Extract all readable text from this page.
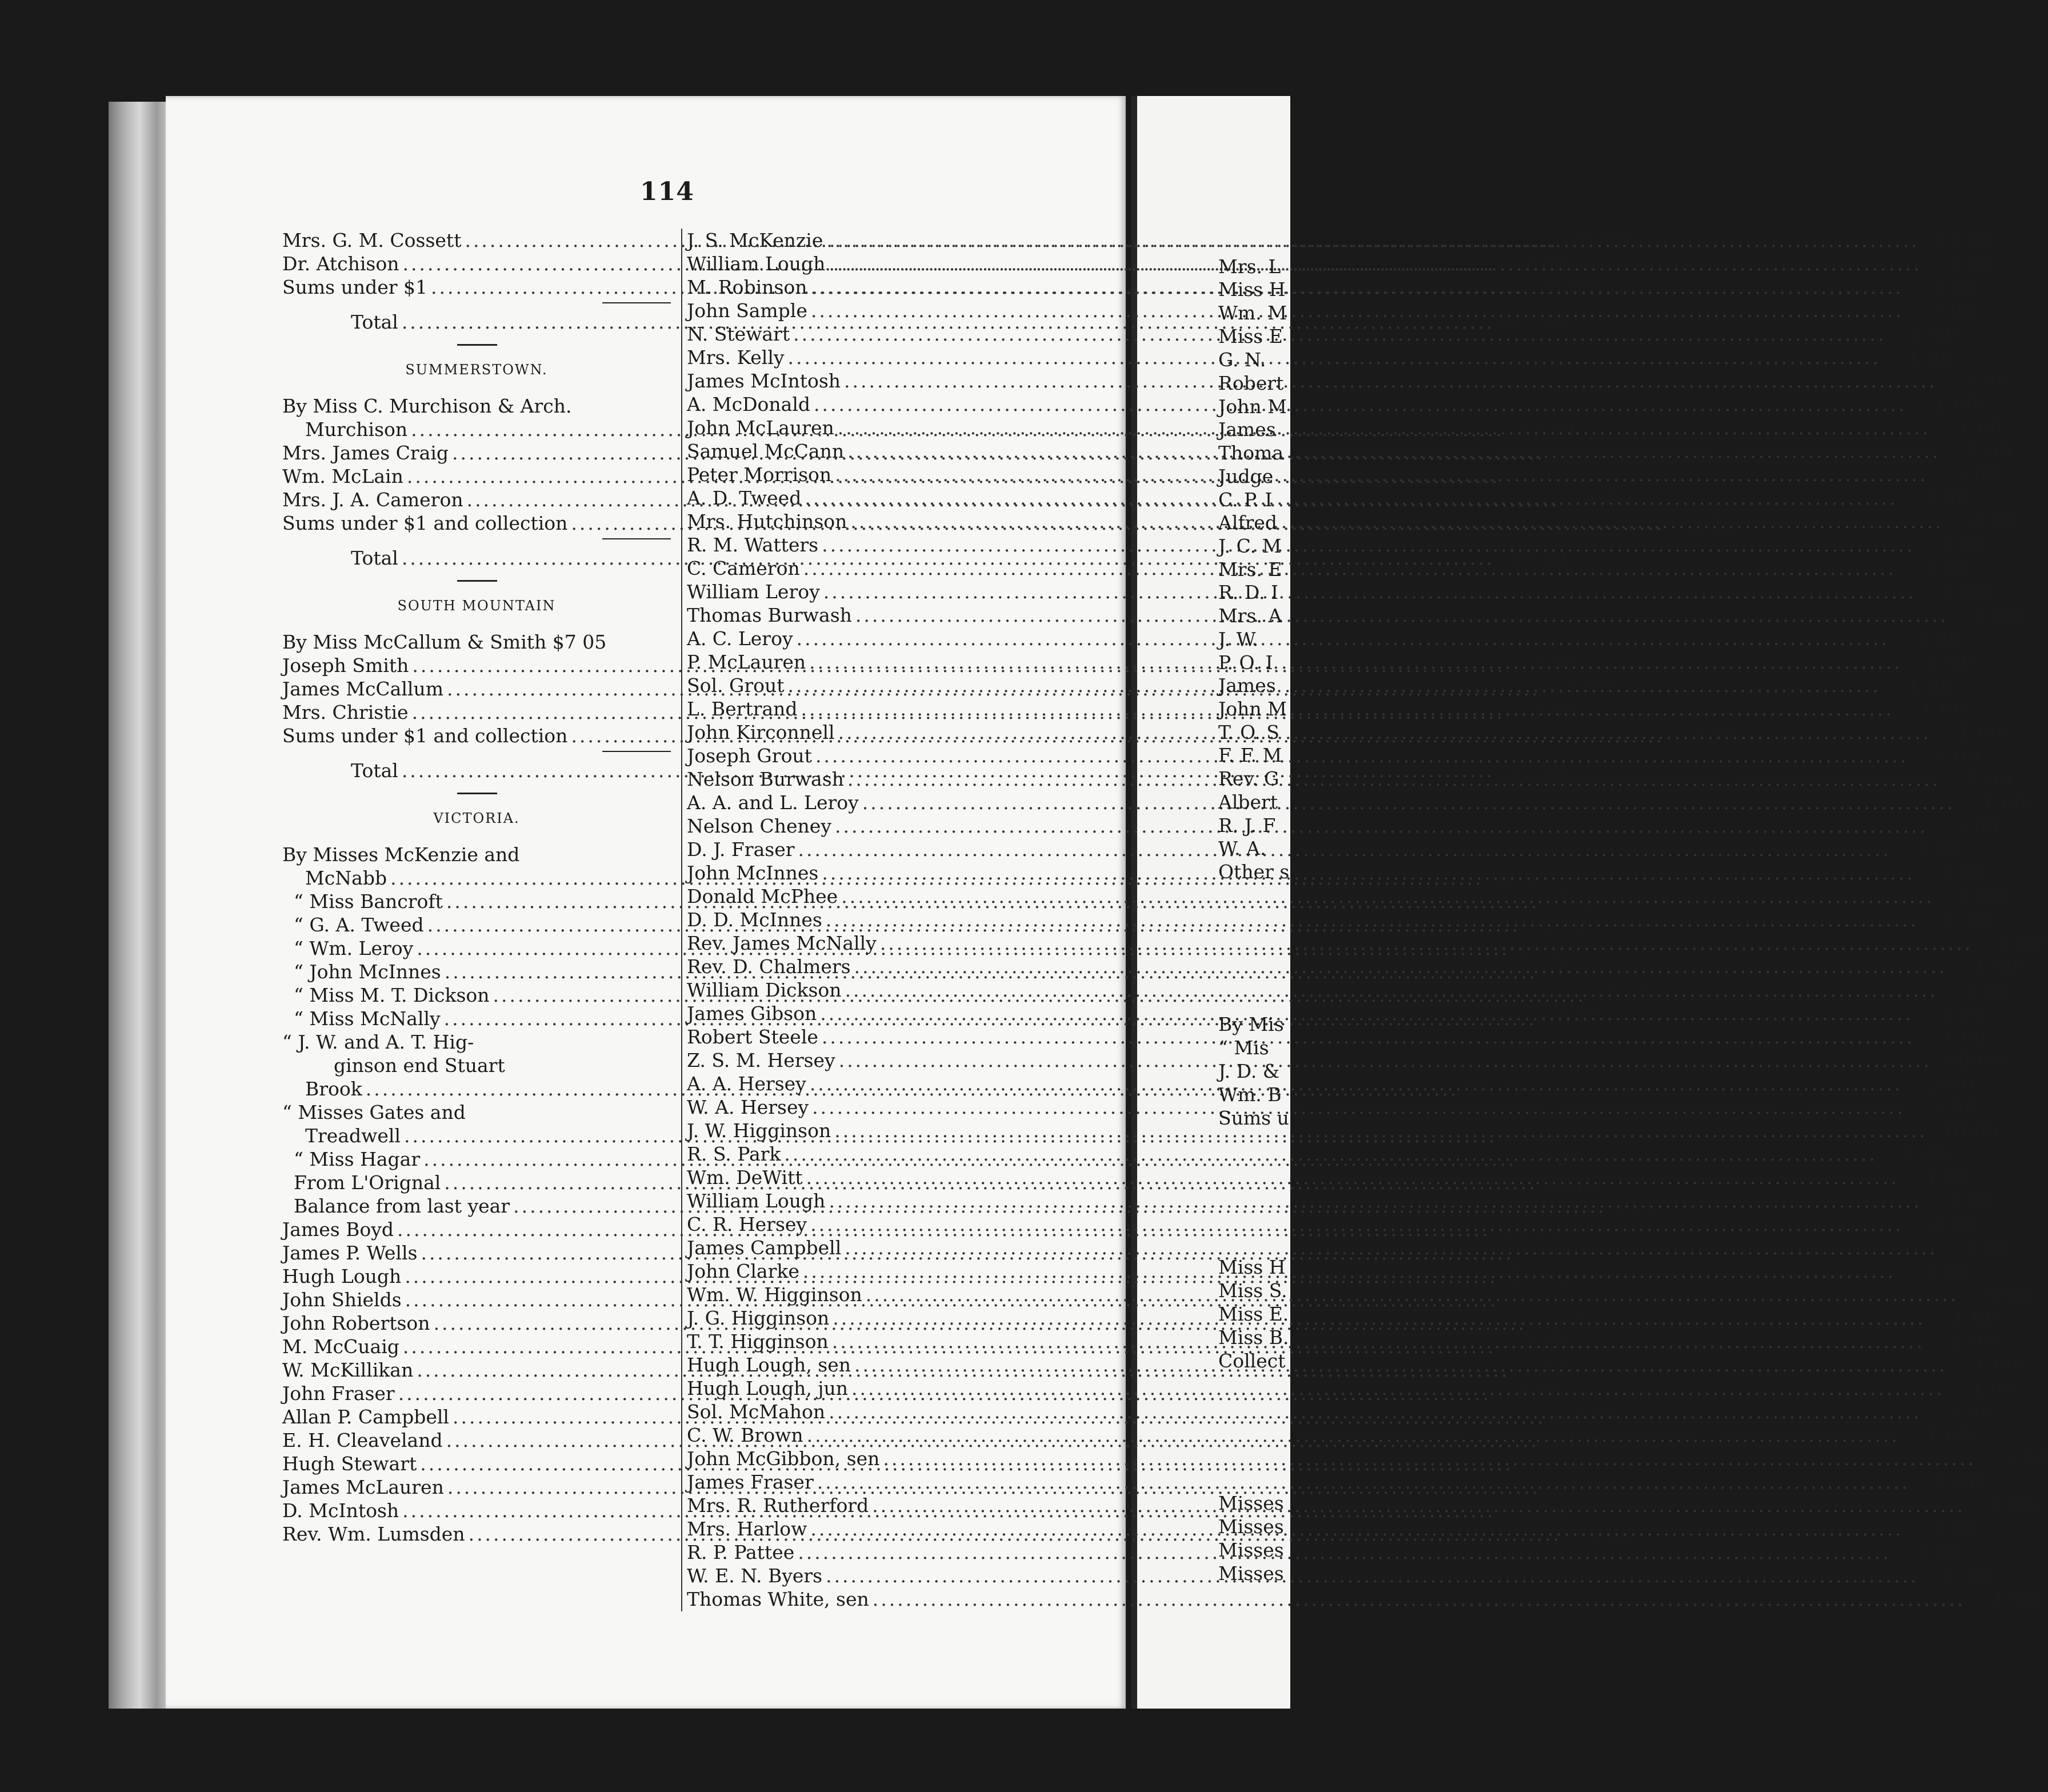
114
Mrs. G. M. Cossett .....	$1 00
Dr. Atchison .....	1 00
Sums under $1 .....	28 00
Total .....	$47 00
SUMMERSTOWN.
By Miss C. Murchison & Arch.
Murchison .....	$1 20
Mrs. James Craig .....	1 00
Wm. McLain .....	1 00
Mrs. J. A. Cameron .....	1 00
Sums under $1 and collection .....	5 40
Total .....	$9 40
SOUTH MOUNTAIN
By Miss McCallum & Smith $7 05
Joseph Smith .....	1 00
James McCallum .....	1 00
Mrs. Christie .....	1 00
Sums under $1 and collection .....	4 28
Total .....	$7 28
VICTORIA.
By Misses McKenzie and
McNabb .....	68 85
“ Miss Bancroft .....	5 20
“ G. A. Tweed .....	8 00
“ Wm. Leroy .....	16 65
“ John McInnes .....	10 60
“ Miss M. T. Dickson .....	10 25
“ Miss McNally .....	3 75
“ J. W. and A. T. Hig-
ginson end Stuart
Brook .....	74 45
“ Misses Gates and
Treadwell .....	23 62
“ Miss Hagar .....	7 25
From L'Orignal .....	30 87
Balance from last year .....	11 87
James Boyd .....	10 00
James P. Wells .....	10 00
Hugh Lough .....	10 00
John Shields .....	3 00
John Robertson .....	2 00
M. McCuaig .....	2 00
W. McKillikan .....	2 25
John Fraser .....	1 00
Allan P. Campbell .....	1 00
E. H. Cleaveland .....	1 00
Hugh Stewart .....	1 50
James McLauren .....	1 00
D. McIntosh .....	1 00
Rev. Wm. Lumsden .....	1 00
J. S. McKenzie .....	$1 00
William Lough .....	1 00
M. Robinson .....	1 00
John Sample .....	1 00
N. Stewart .....	1 00
Mrs. Kelly .....	1 00
James McIntosh .....	1 00
A. McDonald .....	1 00
John McLauren .....	1 00
Samuel McCann .....	1 00
Peter Morrison .....	1 00
A. D. Tweed .....	1 00
Mrs. Hutchinson .....	2 00
R. M. Watters .....	1 00
C. Cameron .....	2 00
William Leroy .....	2 00
Thomas Burwash .....	1 00
A. C. Leroy .....	1 00
P. McLauren .....	1 00
Sol. Grout .....	1 00
L. Bertrand .....	1 00
John Kirconnell .....	1 00
Joseph Grout .....	1 00
Nelson Burwash .....	1 00
A. A. and L. Leroy .....	1 00
Nelson Cheney .....	1 00
D. J. Fraser .....	1 00
John McInnes .....	1 00
Donald McPhee .....	1 00
D. D. McInnes .....	1 00
Rev. James McNally .....	1 00
Rev. D. Chalmers .....	1 50
William Dickson .....	1 00
James Gibson .....	1 00
Robert Steele .....	1 00
Z. S. M. Hersey .....	10 00
A. A. Hersey .....	2 00
W. A. Hersey .....	1 00
J. W. Higginson .....	10 00
R. S. Park .....	1 00
Wm. DeWitt .....	1 00
William Lough .....	1 00
C. R. Hersey .....	2 00
James Campbell .....	1 00
John Clarke .....	1 00
Wm. W. Higginson .....	5 00
J. G. Higginson .....	1 00
T. T. Higginson .....	1 00
Hugh Lough, sen .....	1 00
Hugh Lough, jun .....	1 00
Sol. McMahon .....	1 00
C. W. Brown .....	1 00
John McGibbon, sen .....	1 50
James Fraser .....	1 00
Mrs. R. Rutherford .....	1 00
Mrs. Harlow .....	1 00
R. P. Pattee .....	1 00
W. E. N. Byers .....	1 00
Thomas White, sen .....	1 00
Mrs. L
Miss H
Wm. M
Miss E
G. N.
Robert
John M
James
Thoma
Judge
C. P. I
Alfred
J. C. M
Mrs. E
R. D. I
Mrs. A
J. W.
P. O. I
James
John M
T. O. S
F. F. M
Rev. G
Albert
R. J. F
W. A.
Other s
By Mis
“ Mis
J. D. &
Wm. B
Sums u
Miss H
Miss S.
Miss E.
Miss B.
Collect
Misses C
Misses C
Misses M
Misses S
